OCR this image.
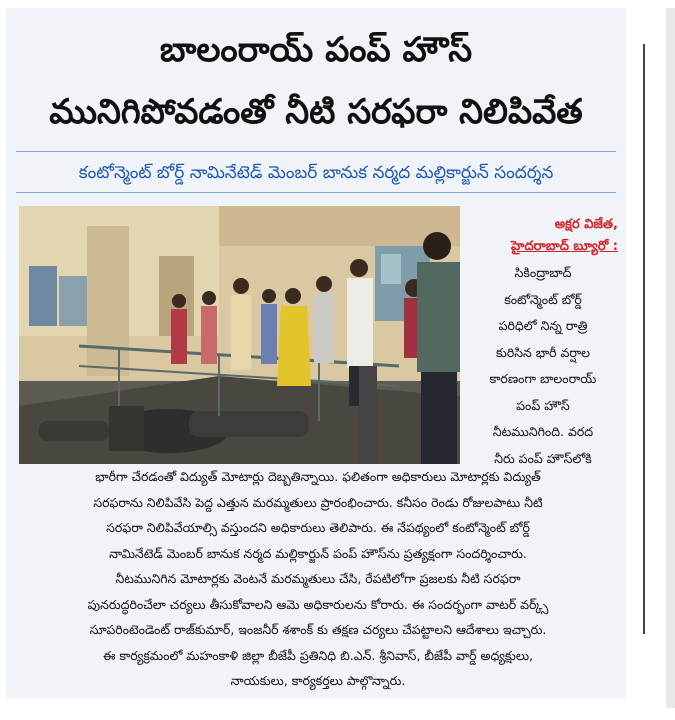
బాలంరాయ్ పంప్ హౌస్
మునిగిపోవడంతో నీటి సరఫరా నిలిపివేత
కంటోన్మెంట్ బోర్డ్ నామినేటెడ్ మెంబర్ బానుక నర్మద మల్లికార్జున్ సందర్శన
అక్షర విజేత,
హైదరాబాద్ బ్యూరో :
సికింద్రాబాద్
కంటోన్మెంట్ బోర్డ్
పరిధిలో నిన్న రాత్రి
కురిసిన భారీ వర్షాల
కారణంగా బాలంరాయ్
పంప్ హౌస్
నీటమునిగింది. వరద
నీరు పంప్ హౌస్‌లోకి
భారీగా చేరడంతో విద్యుత్ మోటార్లు దెబ్బతిన్నాయి. ఫలితంగా అధికారులు మోటార్లకు విద్యుత్
సరఫరాను నిలిపివేసి పెద్ద ఎత్తున మరమ్మతులు ప్రారంభించారు. కనీసం రెండు రోజులపాటు నీటి
సరఫరా నిలిపివేయాల్సి వస్తుందని అధికారులు తెలిపారు. ఈ నేపథ్యంలో కంటోన్మెంట్ బోర్డ్
నామినేటెడ్ మెంబర్ బానుక నర్మద మల్లికార్జున్ పంప్ హౌస్‌ను ప్రత్యక్షంగా సందర్శించారు.
నీటమునిగిన మోటార్లకు వెంటనే మరమ్మతులు చేసి, రేపటిలోగా ప్రజలకు నీటి సరఫరా
పునరుద్ధరించేలా చర్యలు తీసుకోవాలని ఆమె అధికారులను కోరారు. ఈ సందర్భంగా వాటర్ వర్క్స్
సూపరింటెండెంట్ రాజ్‌కుమార్, ఇంజనీర్ శశాంక్ కు తక్షణ చర్యలు చేపట్టాలని ఆదేశాలు ఇచ్చారు.
ఈ కార్యక్రమంలో మహంకాళి జిల్లా బీజేపీ ప్రతినిధి బి.ఎన్. శ్రీనివాస్, బీజేపీ వార్డ్ అధ్యక్షులు,
నాయకులు, కార్యకర్తలు పాల్గొన్నారు.
